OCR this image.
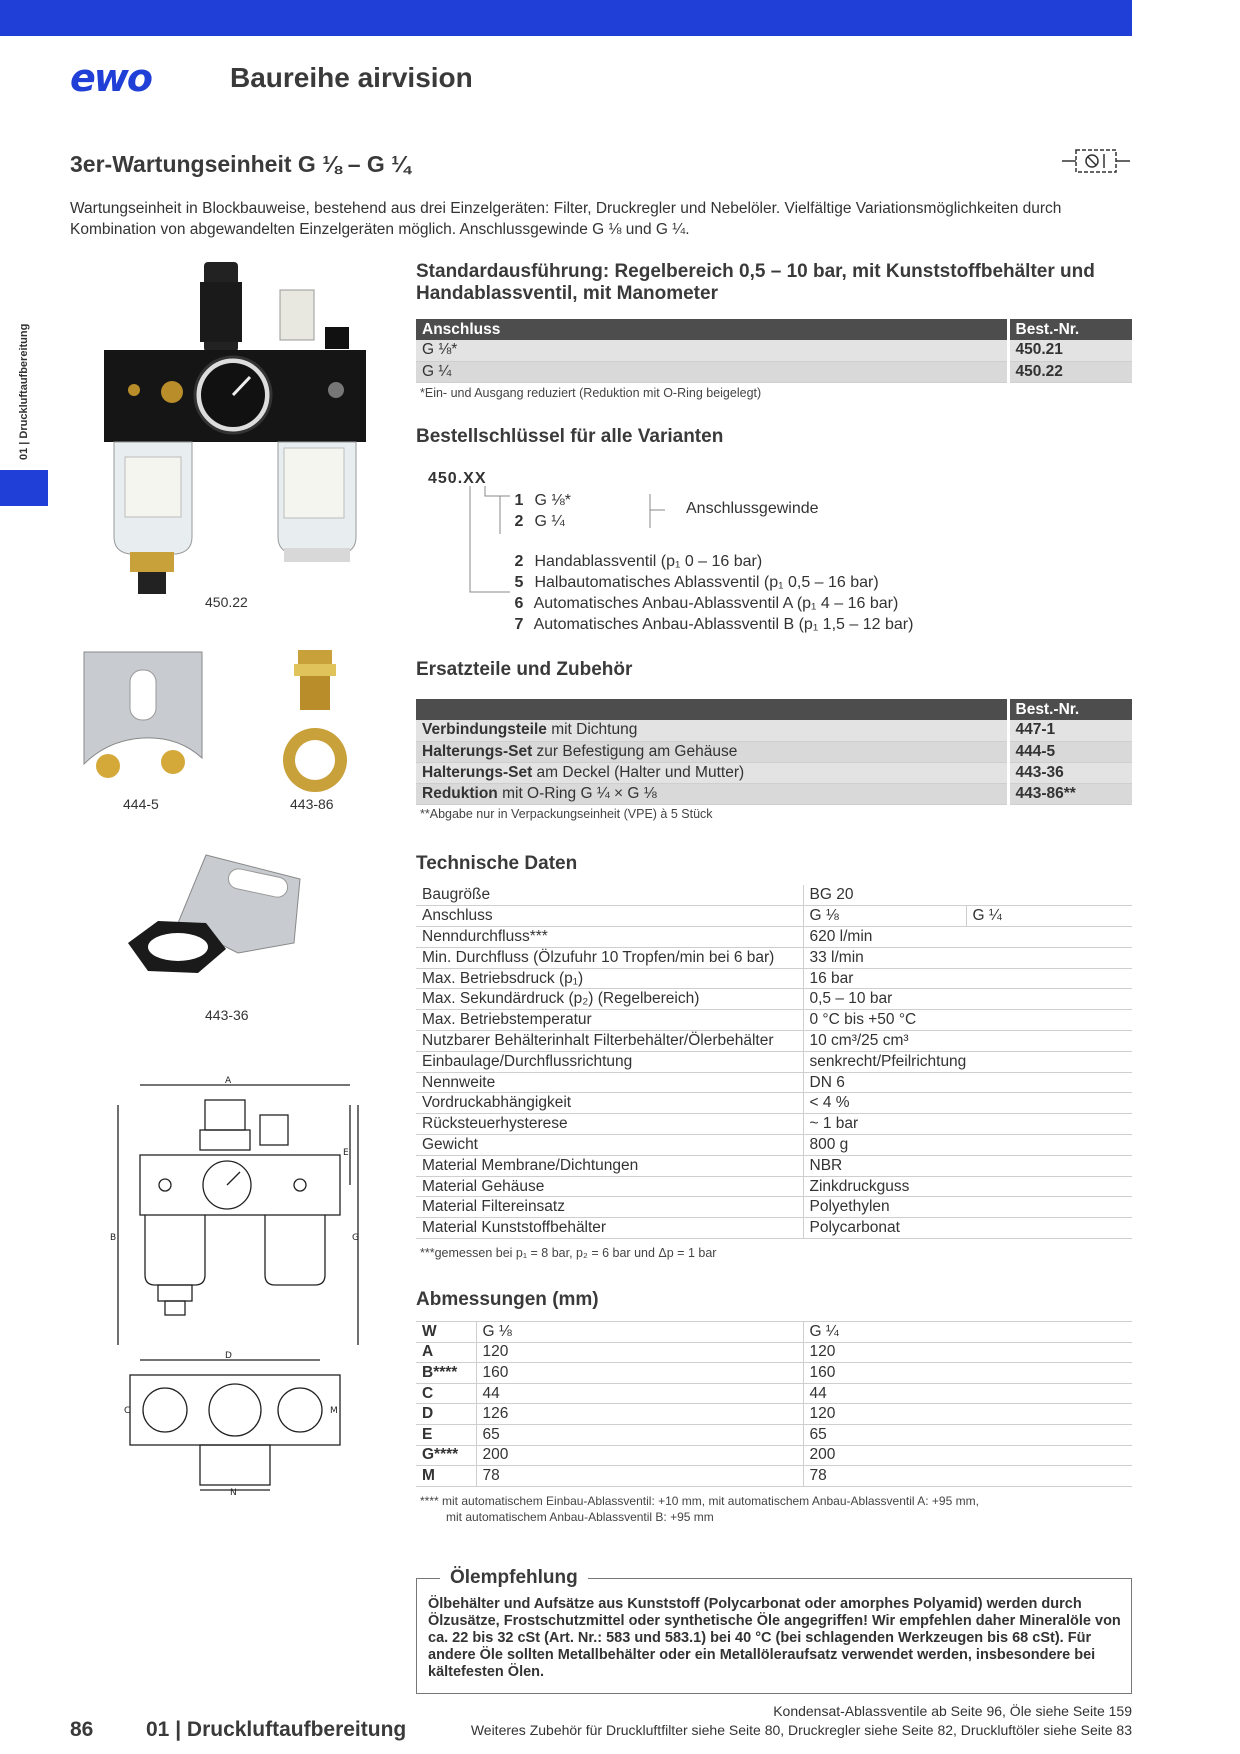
ewo	Baureihe airvision
01 | Druckluftaufbereitung
3er-Wartungseinheit G ⅛ – G ¼
Wartungseinheit in Blockbauweise, bestehend aus drei Einzelgeräten: Filter, Druckregler und Nebelöler. Vielfältige Variationsmöglichkeiten durch Kombination von abgewandelten Einzelgeräten möglich. Anschlussgewinde G ⅛ und G ¼.
450.22
444-5	443-86
443-36
A
B
E
G
D
C	M
N
Standardausführung: Regelbereich 0,5 – 10 bar, mit Kunststoffbehälter und Handablassventil, mit Manometer
Anschluss	Best.-Nr.
G ⅛*	450.21
G ¼	450.22
*Ein- und Ausgang reduziert (Reduktion mit O-Ring beigelegt)
Bestellschlüssel für alle Varianten
450.XX
1 G ⅛*
2 G ¼
Anschlussgewinde
2 Handablassventil (p₁ 0 – 16 bar)
5 Halbautomatisches Ablassventil (p₁ 0,5 – 16 bar)
6 Automatisches Anbau-Ablassventil A (p₁ 4 – 16 bar)
7 Automatisches Anbau-Ablassventil B (p₁ 1,5 – 12 bar)
Ersatzteile und Zubehör
	Best.-Nr.
Verbindungsteile mit Dichtung	447-1
Halterungs-Set zur Befestigung am Gehäuse	444-5
Halterungs-Set am Deckel (Halter und Mutter)	443-36
Reduktion mit O-Ring G ¼ × G ⅛	443-86**
**Abgabe nur in Verpackungseinheit (VPE) à 5 Stück
Technische Daten
Baugröße	BG 20	
Anschluss	G ⅛	G ¼
Nenndurchfluss***	620 l/min	
Min. Durchfluss (Ölzufuhr 10 Tropfen/min bei 6 bar)	33 l/min	
Max. Betriebsdruck (p₁)	16 bar	
Max. Sekundärdruck (p₂) (Regelbereich)	0,5 – 10 bar	
Max. Betriebstemperatur	0 °C bis +50 °C	
Nutzbarer Behälterinhalt Filterbehälter/Ölerbehälter	10 cm³/25 cm³	
Einbaulage/Durchflussrichtung	senkrecht/Pfeilrichtung	
Nennweite	DN 6	
Vordruckabhängigkeit	< 4 %	
Rücksteuerhysterese	~ 1 bar	
Gewicht	800 g	
Material Membrane/Dichtungen	NBR	
Material Gehäuse	Zinkdruckguss	
Material Filtereinsatz	Polyethylen	
Material Kunststoffbehälter	Polycarbonat	
***gemessen bei p₁ = 8 bar, p₂ = 6 bar und Δp = 1 bar
Abmessungen (mm)
W	G ⅛	G ¼
A	120	120
B****	160	160
C	44	44
D	126	120
E	65	65
G****	200	200
M	78	78
**** mit automatischem Einbau-Ablassventil: +10 mm, mit automatischem Anbau-Ablassventil A: +95 mm,
mit automatischem Anbau-Ablassventil B: +95 mm
Ölempfehlung
Ölbehälter und Aufsätze aus Kunststoff (Polycarbonat oder amorphes Polyamid) werden durch Ölzusätze, Frostschutzmittel oder synthetische Öle angegriffen! Wir empfehlen daher Mineralöle von ca. 22 bis 32 cSt (Art. Nr.: 583 und 583.1) bei 40 °C (bei schlagenden Werkzeugen bis 68 cSt). Für andere Öle sollten Metallbehälter oder ein Metallöleraufsatz verwendet werden, insbesondere bei kältefesten Ölen.
Kondensat-Ablassventile ab Seite 96, Öle siehe Seite 159
Weiteres Zubehör für Druckluftfilter siehe Seite 80, Druckregler siehe Seite 82, Druckluftöler siehe Seite 83
86	01 | Druckluftaufbereitung
